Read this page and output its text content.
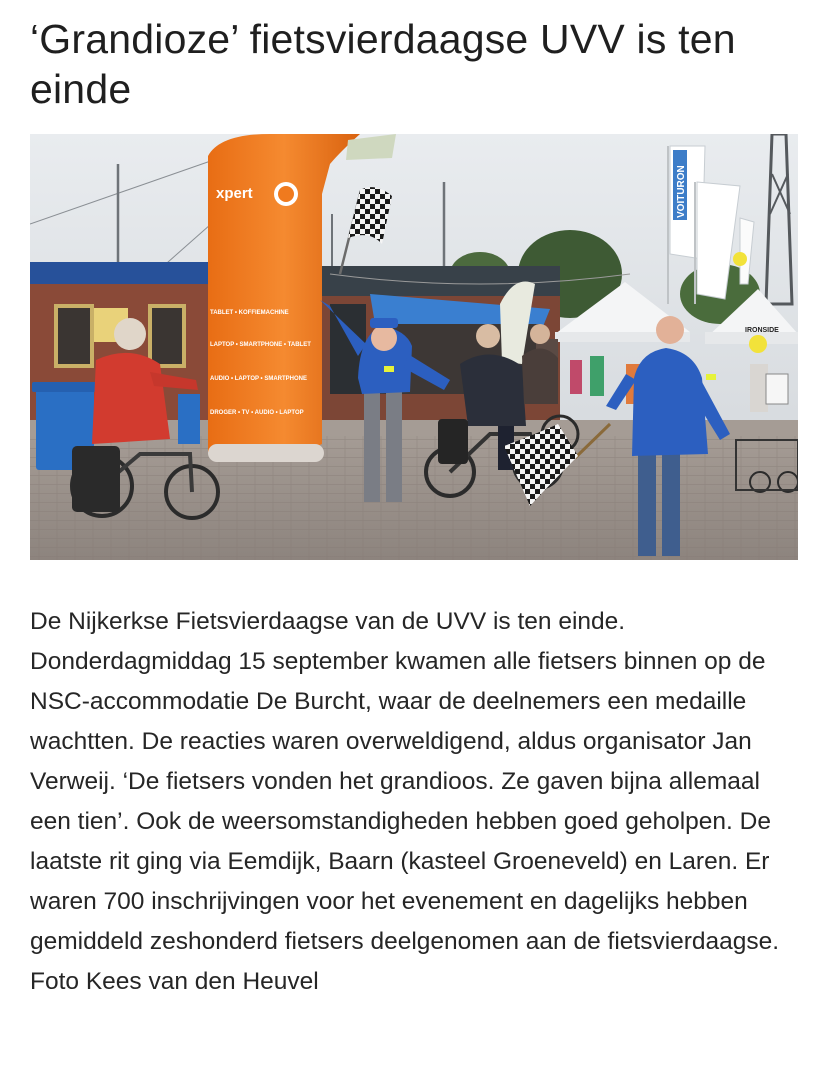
‘Grandioze’ fietsvierdaagse UVV is ten einde
IRONSIDE
VOITURON
xpert
TABLET • KOFFIEMACHINE
LAPTOP • SMARTPHONE • TABLET
AUDIO • LAPTOP • SMARTPHONE
DROGER • TV • AUDIO • LAPTOP

De Nijkerkse Fietsvierdaagse van de UVV is ten einde. Donderdagmiddag 15 september kwamen alle fietsers binnen op de NSC-accommodatie De Burcht, waar de deelnemers een medaille wachtten. De reacties waren overweldigend, aldus organisator Jan Verweij. ‘De fietsers vonden het grandioos. Ze gaven bijna allemaal een tien’. Ook de weersomstandigheden hebben goed geholpen. De laatste rit ging via Eemdijk, Baarn (kasteel Groeneveld) en Laren. Er waren 700 inschrijvingen voor het evenement en dagelijks hebben gemiddeld zeshonderd fietsers deelgenomen aan de fietsvierdaagse. Foto Kees van den Heuvel
